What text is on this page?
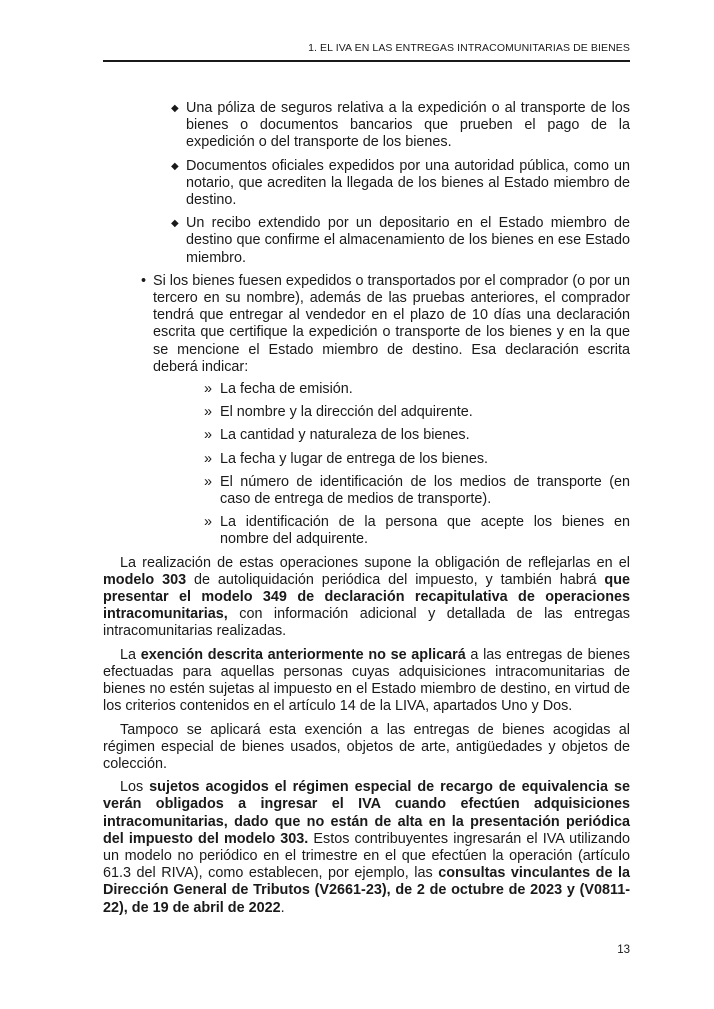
1. EL IVA EN LAS ENTREGAS INTRACOMUNITARIAS DE BIENES
◆ Una póliza de seguros relativa a la expedición o al transporte de los bienes o documentos bancarios que prueben el pago de la expedición o del transporte de los bienes.
◆ Documentos oficiales expedidos por una autoridad pública, como un notario, que acrediten la llegada de los bienes al Estado miembro de destino.
◆ Un recibo extendido por un depositario en el Estado miembro de destino que confirme el almacenamiento de los bienes en ese Estado miembro.
• Si los bienes fuesen expedidos o transportados por el comprador (o por un tercero en su nombre), además de las pruebas anteriores, el comprador tendrá que entregar al vendedor en el plazo de 10 días una declaración escrita que certifique la expedición o transporte de los bienes y en la que se mencione el Estado miembro de destino. Esa declaración escrita deberá indicar:
» La fecha de emisión.
» El nombre y la dirección del adquirente.
» La cantidad y naturaleza de los bienes.
» La fecha y lugar de entrega de los bienes.
» El número de identificación de los medios de transporte (en caso de entrega de medios de transporte).
» La identificación de la persona que acepte los bienes en nombre del adquirente.

La realización de estas operaciones supone la obligación de reflejarlas en el modelo 303 de autoliquidación periódica del impuesto, y también habrá que presentar el modelo 349 de declaración recapitulativa de operaciones intracomunitarias, con información adicional y detallada de las entregas intracomunitarias realizadas.

La exención descrita anteriormente no se aplicará a las entregas de bienes efectuadas para aquellas personas cuyas adquisiciones intracomunitarias de bienes no estén sujetas al impuesto en el Estado miembro de destino, en virtud de los criterios contenidos en el artículo 14 de la LIVA, apartados Uno y Dos.

Tampoco se aplicará esta exención a las entregas de bienes acogidas al régimen especial de bienes usados, objetos de arte, antigüedades y objetos de colección.

Los sujetos acogidos el régimen especial de recargo de equivalencia se verán obligados a ingresar el IVA cuando efectúen adquisiciones intracomunitarias, dado que no están de alta en la presentación periódica del impuesto del modelo 303. Estos contribuyentes ingresarán el IVA utilizando un modelo no periódico en el trimestre en el que efectúen la operación (artículo 61.3 del RIVA), como establecen, por ejemplo, las consultas vinculantes de la Dirección General de Tributos (V2661-23), de 2 de octubre de 2023 y (V0811-22), de 19 de abril de 2022.

13
